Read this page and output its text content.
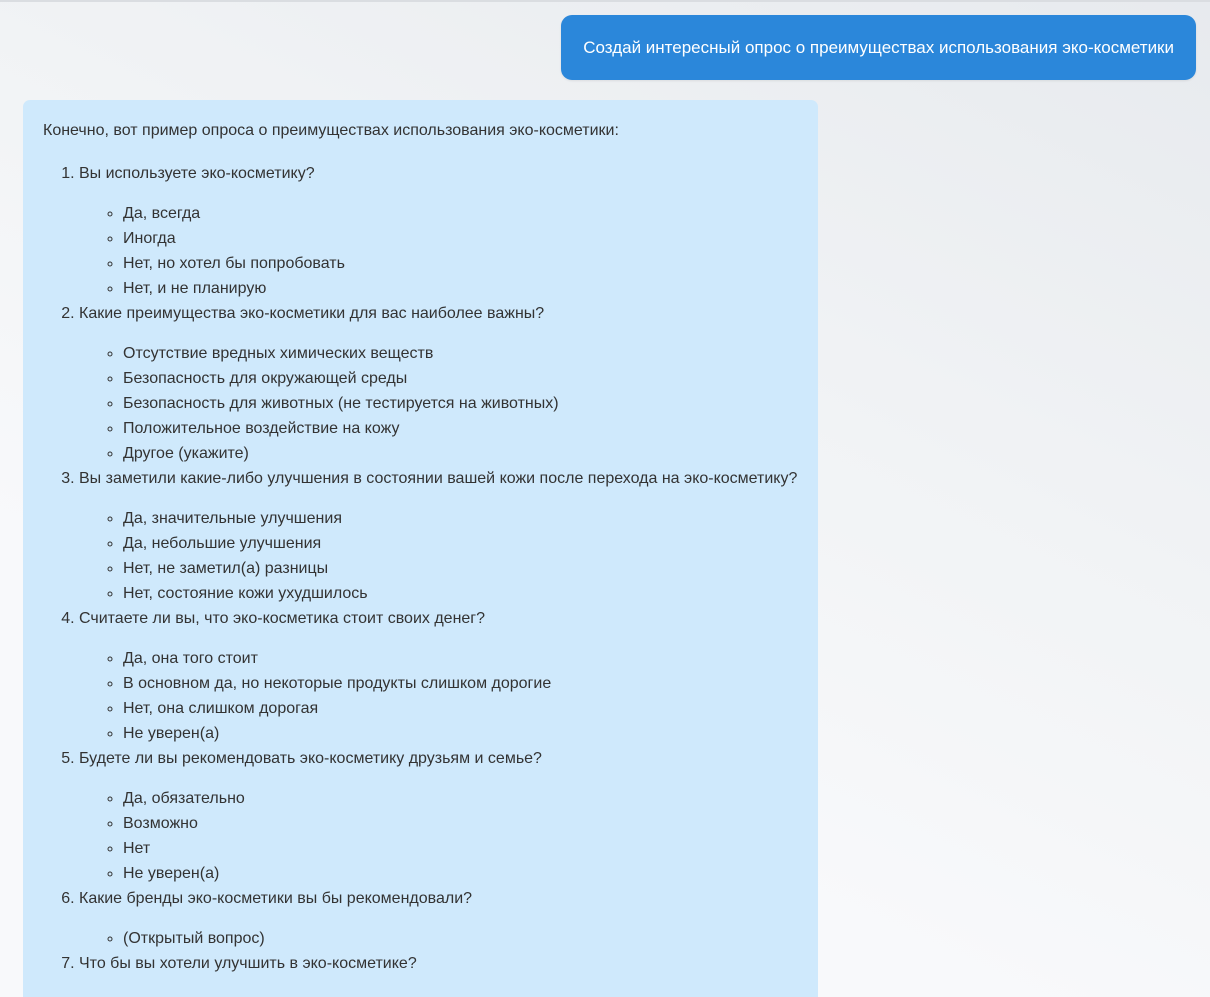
Создай интересный опрос о преимуществах использования эко-косметики

Конечно, вот пример опроса о преимуществах использования эко-косметики:

1. Вы используете эко-косметику?
◦ Да, всегда
◦ Иногда
◦ Нет, но хотел бы попробовать
◦ Нет, и не планирую
2. Какие преимущества эко-косметики для вас наиболее важны?
◦ Отсутствие вредных химических веществ
◦ Безопасность для окружающей среды
◦ Безопасность для животных (не тестируется на животных)
◦ Положительное воздействие на кожу
◦ Другое (укажите)
3. Вы заметили какие-либо улучшения в состоянии вашей кожи после перехода на эко-косметику?
◦ Да, значительные улучшения
◦ Да, небольшие улучшения
◦ Нет, не заметил(а) разницы
◦ Нет, состояние кожи ухудшилось
4. Считаете ли вы, что эко-косметика стоит своих денег?
◦ Да, она того стоит
◦ В основном да, но некоторые продукты слишком дорогие
◦ Нет, она слишком дорогая
◦ Не уверен(а)
5. Будете ли вы рекомендовать эко-косметику друзьям и семье?
◦ Да, обязательно
◦ Возможно
◦ Нет
◦ Не уверен(а)
6. Какие бренды эко-косметики вы бы рекомендовали?
◦ (Открытый вопрос)
7. Что бы вы хотели улучшить в эко-косметике?
